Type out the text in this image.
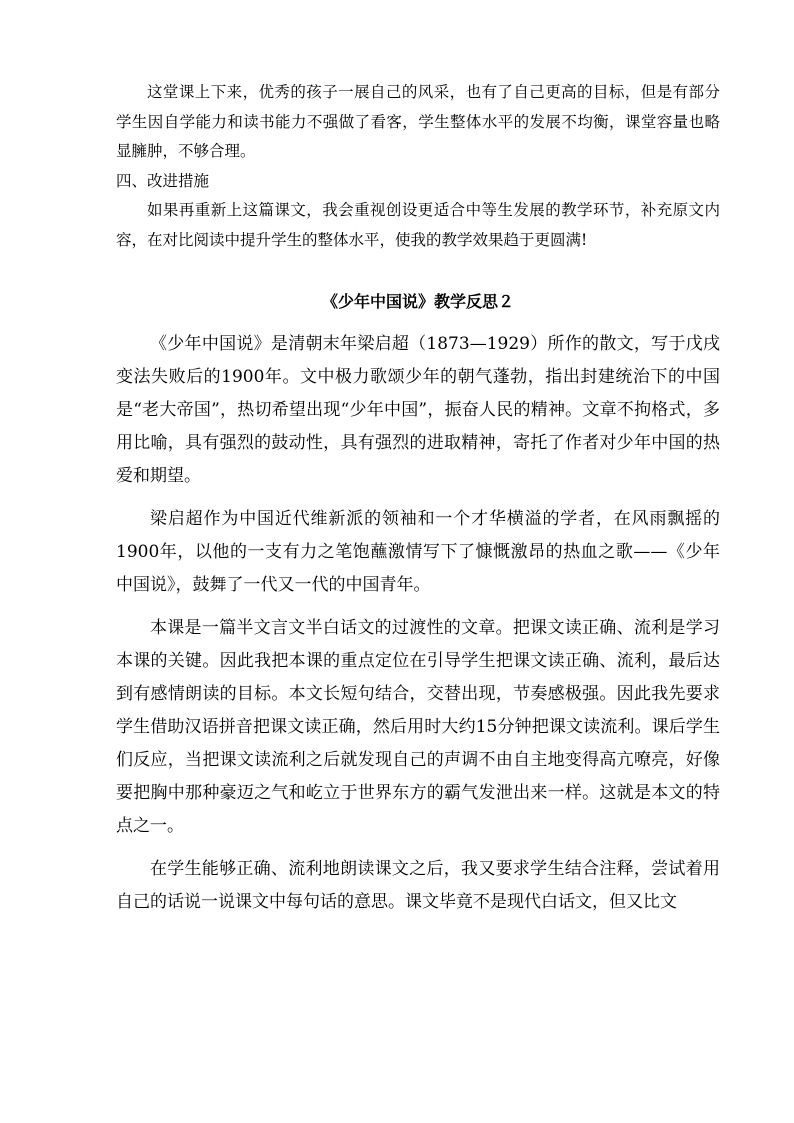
这堂课上下来，优秀的孩子一展自己的风采，也有了自己更高的目标，但是有部分学生因自学能力和读书能力不强做了看客，学生整体水平的发展不均衡，课堂容量也略显臃肿，不够合理。

四、改进措施

如果再重新上这篇课文，我会重视创设更适合中等生发展的教学环节，补充原文内容，在对比阅读中提升学生的整体水平，使我的教学效果趋于更圆满!

《少年中国说》教学反思２

《少年中国说》是清朝末年梁启超（1873—1929）所作的散文，写于戊戌变法失败后的1900年。文中极力歌颂少年的朝气蓬勃，指出封建统治下的中国是“老大帝国”，热切希望出现“少年中国”，振奋人民的精神。文章不拘格式，多用比喻，具有强烈的鼓动性，具有强烈的进取精神，寄托了作者对少年中国的热爱和期望。

梁启超作为中国近代维新派的领袖和一个才华横溢的学者，在风雨飘摇的1900年，以他的一支有力之笔饱蘸激情写下了慷慨激昂的热血之歌——《少年中国说》，鼓舞了一代又一代的中国青年。

本课是一篇半文言文半白话文的过渡性的文章。把课文读正确、流利是学习本课的关键。因此我把本课的重点定位在引导学生把课文读正确、流利，最后达到有感情朗读的目标。本文长短句结合，交替出现，节奏感极强。因此我先要求学生借助汉语拼音把课文读正确，然后用时大约15分钟把课文读流利。课后学生们反应，当把课文读流利之后就发现自己的声调不由自主地变得高亢嘹亮，好像要把胸中那种豪迈之气和屹立于世界东方的霸气发泄出来一样。这就是本文的特点之一。

在学生能够正确、流利地朗读课文之后，我又要求学生结合注释，尝试着用自己的话说一说课文中每句话的意思。课文毕竟不是现代白话文，但又比文
